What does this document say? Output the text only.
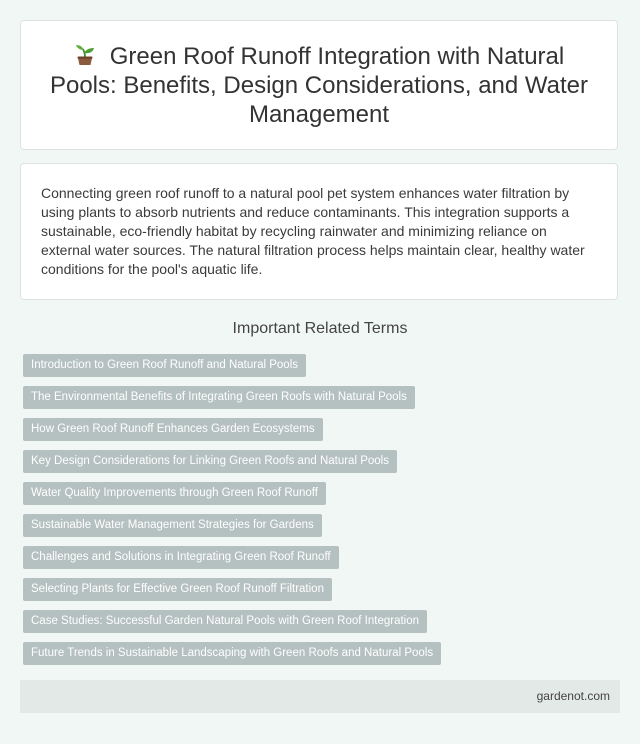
Green Roof Runoff Integration with Natural Pools: Benefits, Design Considerations, and Water Management

Connecting green roof runoff to a natural pool pet system enhances water filtration by using plants to absorb nutrients and reduce contaminants. This integration supports a sustainable, eco-friendly habitat by recycling rainwater and minimizing reliance on external water sources. The natural filtration process helps maintain clear, healthy water conditions for the pool's aquatic life.

Important Related Terms
Introduction to Green Roof Runoff and Natural Pools
The Environmental Benefits of Integrating Green Roofs with Natural Pools
How Green Roof Runoff Enhances Garden Ecosystems
Key Design Considerations for Linking Green Roofs and Natural Pools
Water Quality Improvements through Green Roof Runoff
Sustainable Water Management Strategies for Gardens
Challenges and Solutions in Integrating Green Roof Runoff
Selecting Plants for Effective Green Roof Runoff Filtration
Case Studies: Successful Garden Natural Pools with Green Roof Integration
Future Trends in Sustainable Landscaping with Green Roofs and Natural Pools
gardenot.com
